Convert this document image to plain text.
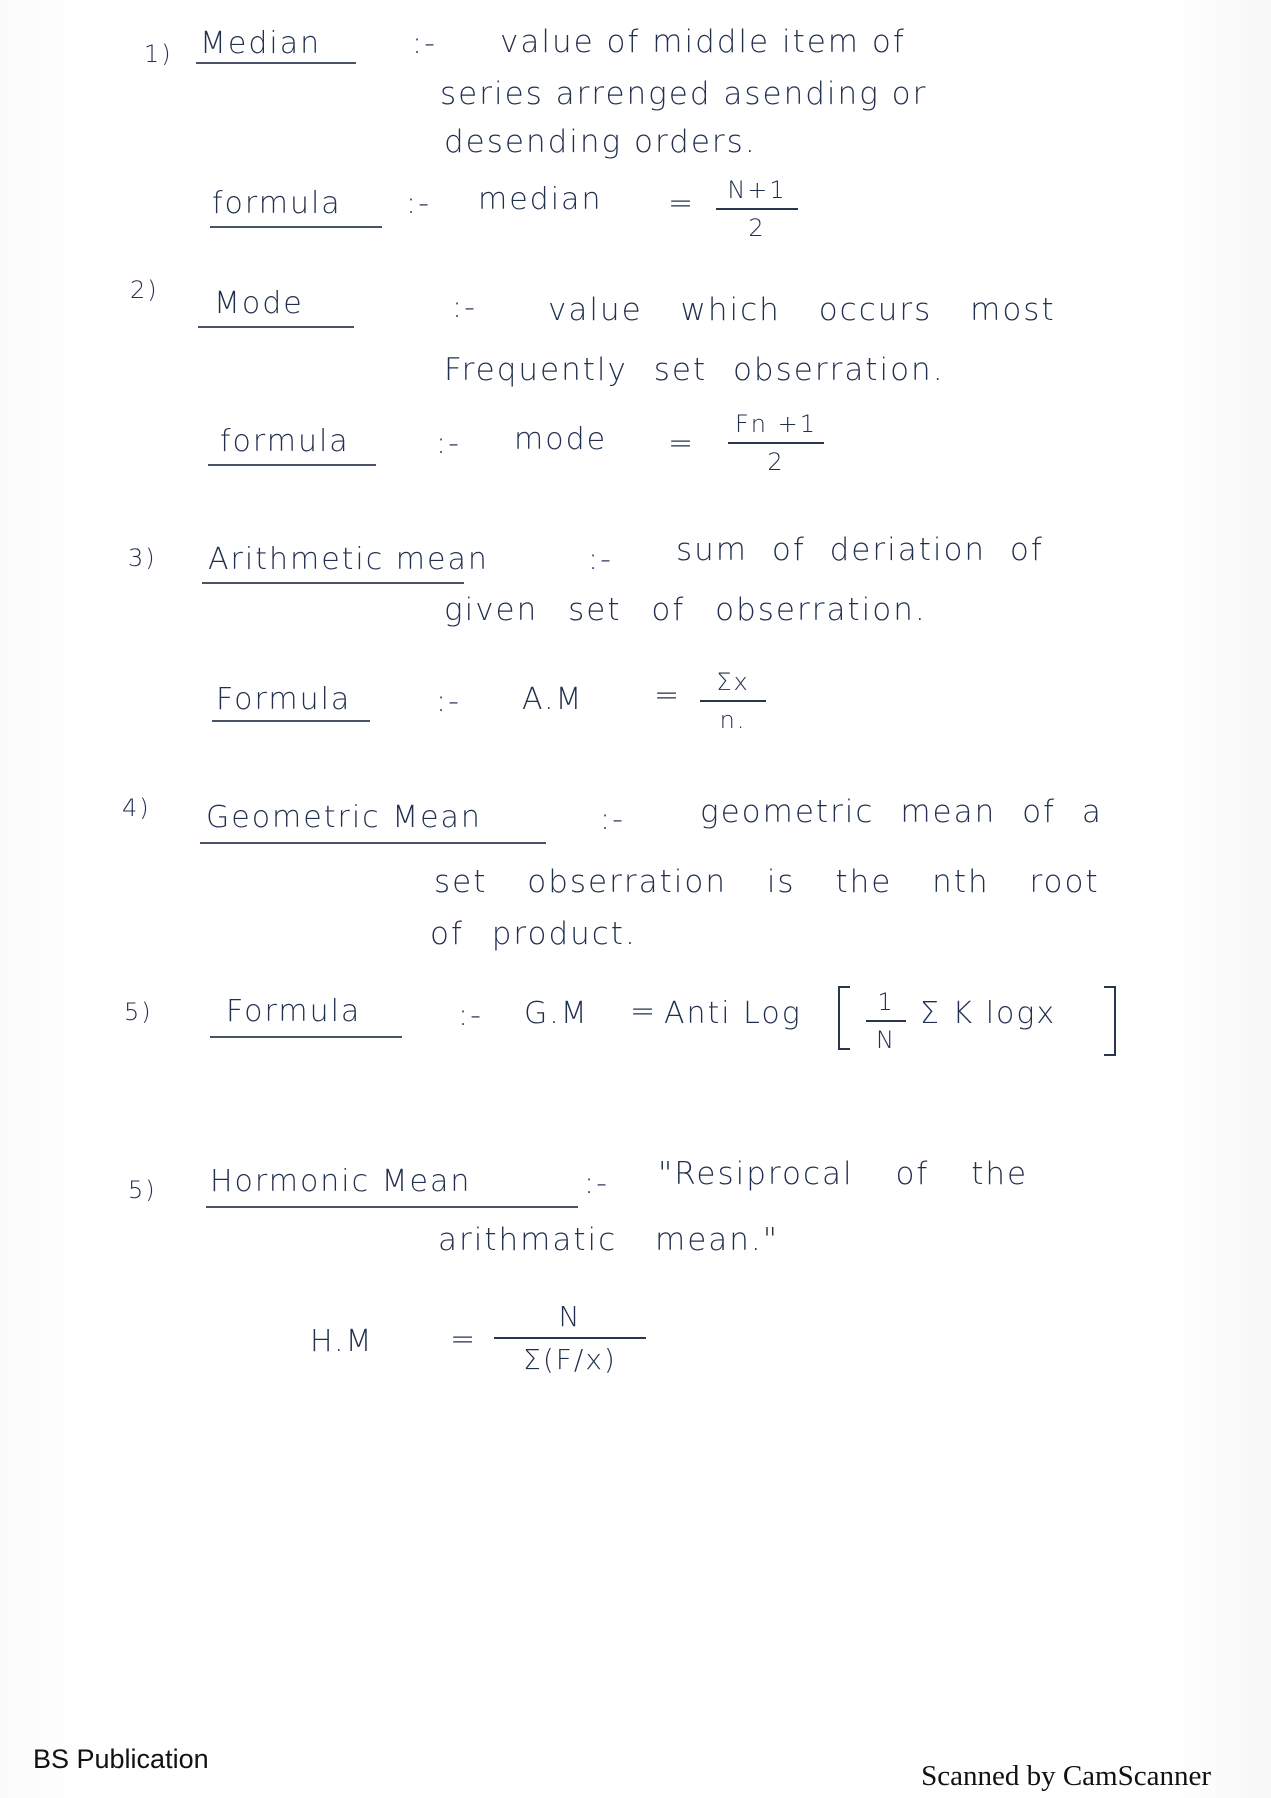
1) Median	:- value of middle item of
series arrenged asending or
desending orders.
formula :- median = N+1
2
2) Mode	:- value which occurs most
Frequently set obserration.
formula	:- mode =
Fn +1
2
3) Arithmetic mean	:- sum of deriation of
given set of obserration.
Formula	:- A.M = Σx
n.
4) Geometric Mean	:- geometric mean of a
set obserration is the nth root
of product.
5) Formula	:- G.M = Anti Log	1
N
Σ K logx
5) Hormonic Mean	:- "Resiprocal of the
arithmatic mean."
H.M	=
N
Σ(F/x)
BS Publication
Scanned by CamScanner
